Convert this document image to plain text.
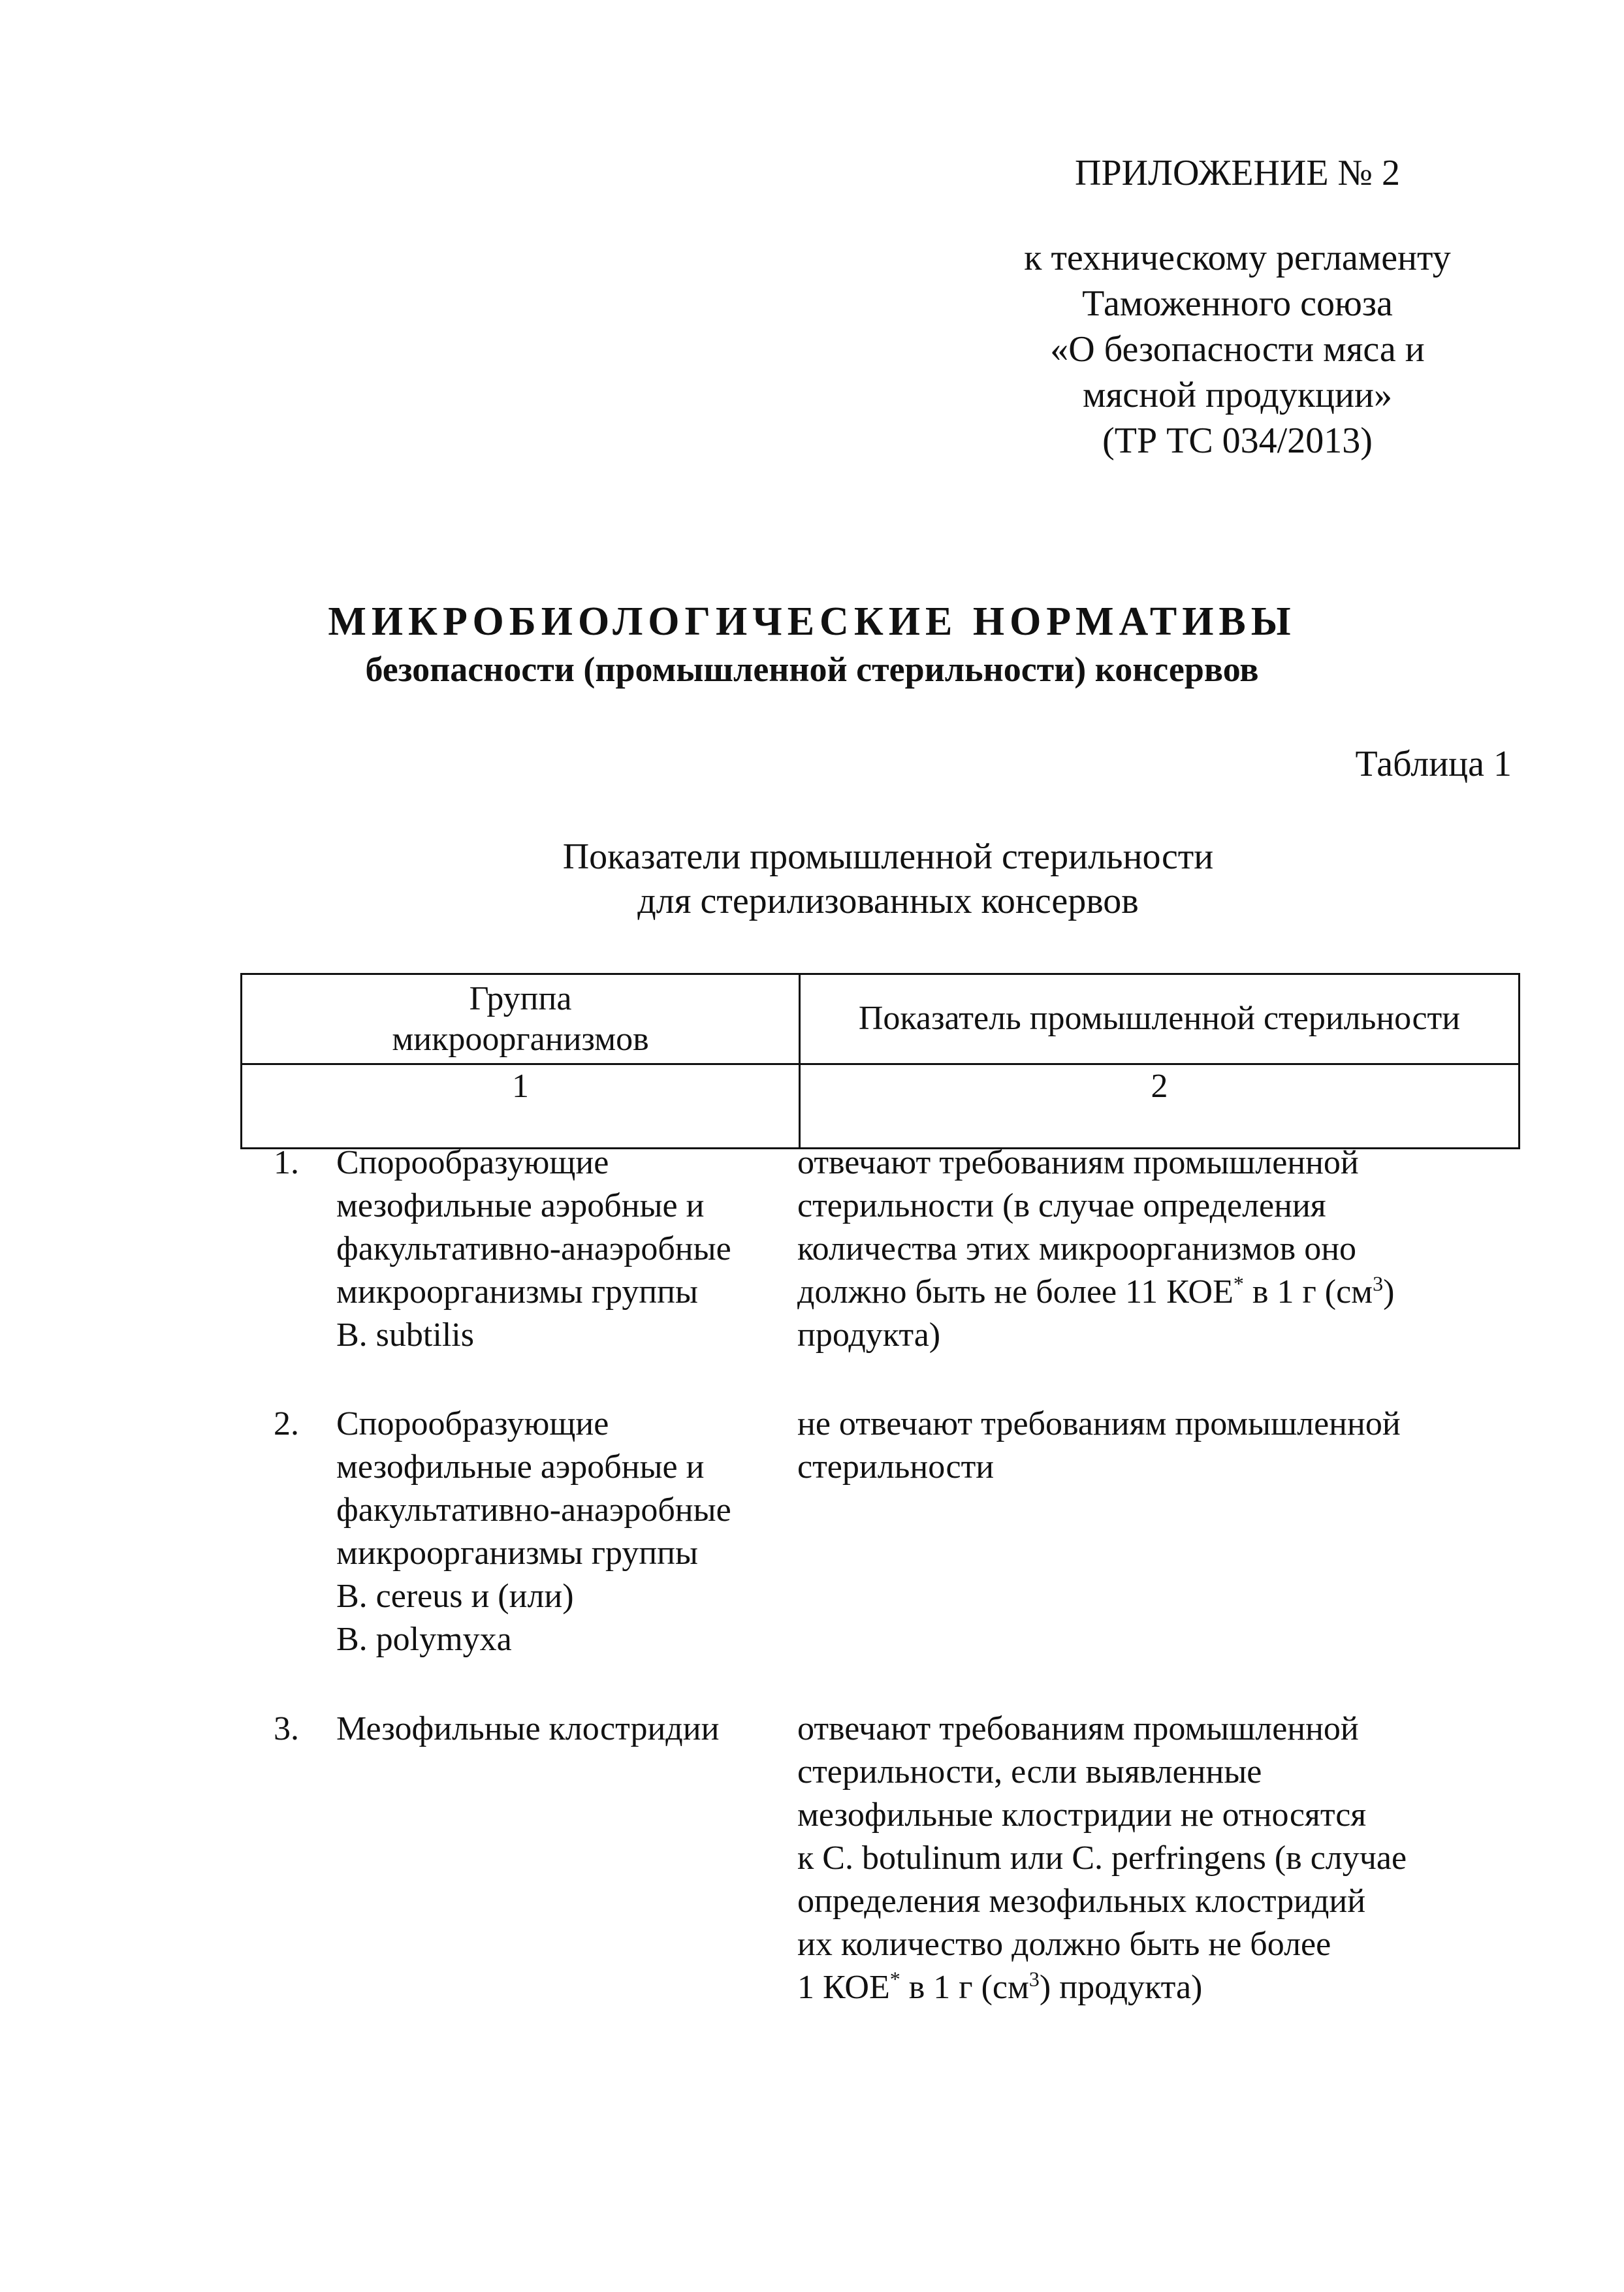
ПРИЛОЖЕНИЕ № 2
к техническому регламенту
Таможенного союза
«О безопасности мяса и
мясной продукции»
(ТР ТС 034/2013)
МИКРОБИОЛОГИЧЕСКИЕ НОРМАТИВЫ
безопасности (промышленной стерильности) консервов
Таблица 1
Показатели промышленной стерильности
для стерилизованных консервов
Группа
микроорганизмов
Показатель промышленной стерильности
1	2
1. Спорообразующие
мезофильные аэробные и
факультативно-анаэробные
микроорганизмы группы
B. subtilis
отвечают требованиям промышленной
стерильности (в случае определения
количества этих микроорганизмов оно
должно быть не более 11 КОЕ* в 1 г $(см^3)$
продукта)
2. Спорообразующие
мезофильные аэробные и
факультативно-анаэробные
микроорганизмы группы
B. cereus и (или)
B. polymyxa
не отвечают требованиям промышленной
стерильности
3. Мезофильные клостридии	отвечают требованиям промышленной
стерильности, если выявленные
мезофильные клостридии не относятся
к C. botulinum или C. perfringens (в случае
определения мезофильных клостридий
их количество должно быть не более
1 КОЕ* в 1 г $(см^3)$ продукта)
